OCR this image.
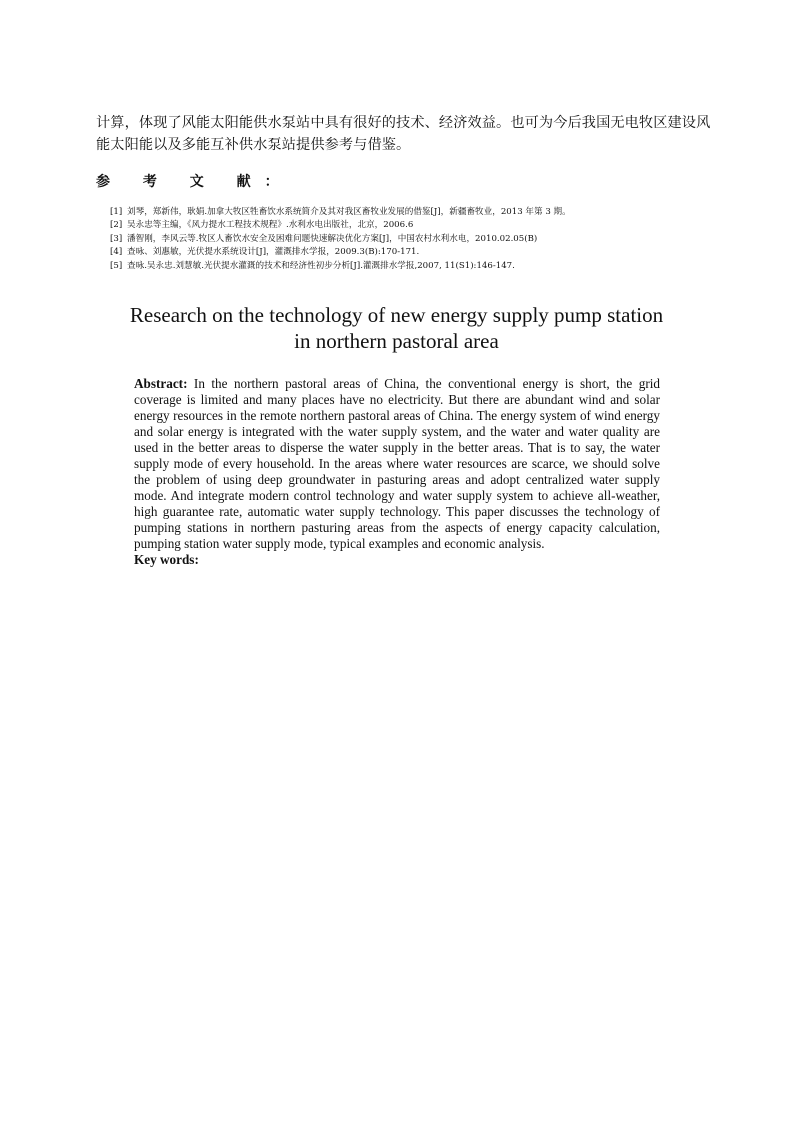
计算，体现了风能太阳能供水泵站中具有很好的技术、经济效益。也可为今后我国无电牧区建设风能太阳能以及多能互补供水泵站提供参考与借鉴。

参 考 文 献：
[1] 刘琴，郑新伟，耿娟.加拿大牧区牲畜饮水系统简介及其对我区畜牧业发展的借鉴[J]，新疆畜牧业，2013 年第 3 期。
[2] 吴永忠等主编，《风力提水工程技术规程》.水利水电出版社，北京，2006.6
[3] 潘智刚，李风云等.牧区人畜饮水安全及困难问题快速解决优化方案[J]，中国农村水利水电，2010.02.05(B)
[4] 查咏、刘惠敏，光伏提水系统设计[J]，灌溉排水学报，2009.3(B):170-171.
[5] 查咏.吴永忠.刘慧敏.光伏提水灌溉的技术和经济性初步分析[J].灌溉排水学报,2007, 11(S1):146-147.
Research on the technology of new energy supply pump station
in northern pastoral area

Abstract: In the northern pastoral areas of China, the conventional energy is short, the grid coverage is limited and many places have no electricity. But there are abundant wind and solar energy resources in the remote northern pastoral areas of China. The energy system of wind energy and solar energy is integrated with the water supply system, and the water and water quality are used in the better areas to disperse the water supply in the better areas. That is to say, the water supply mode of every household. In the areas where water resources are scarce, we should solve the problem of using deep groundwater in pasturing areas and adopt centralized water supply mode. And integrate modern control technology and water supply system to achieve all-weather, high guarantee rate, automatic water supply technology. This paper discusses the technology of pumping stations in northern pasturing areas from the aspects of energy capacity calculation, pumping station water supply mode, typical examples and economic analysis.

Key words:
